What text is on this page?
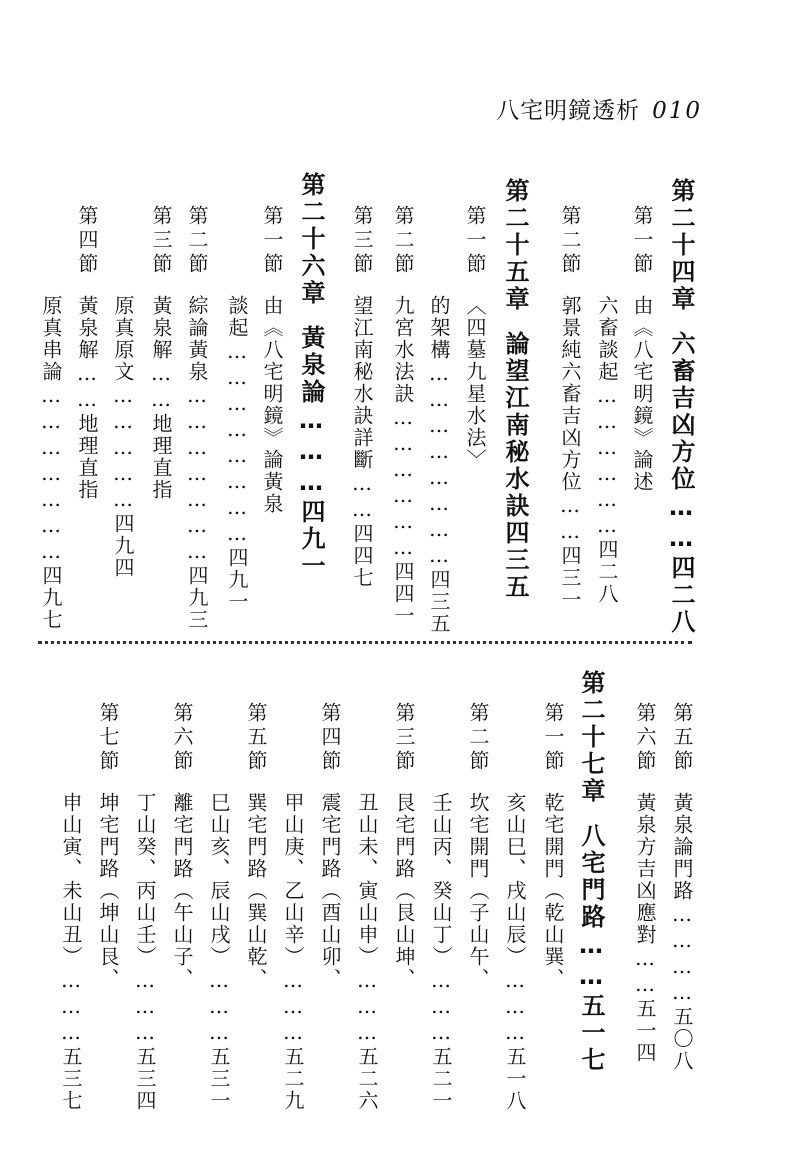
八宅明鏡透析 010
第二十四章六畜吉凶方位……四二八
第一節
由《八宅明鏡》論述
六畜談起………………四二八
第二節
郭景純六畜吉凶方位……四三一
第二十五章論望江南秘水訣四三五
第一節
〈四墓九星水法〉
的架構……………………四三五
第二節
九宮水法訣………………四四一
第三節
望江南秘水訣詳斷……四四七
第二十六章黃泉論………四九一
第一節
由《八宅明鏡》論黃泉
談起……………………四九一
第二節
綜論黃泉…………………四九三
第三節
黃泉解……地理直指
原真原文……………四九四
第四節
黃泉解……地理直指
原真串論…………………四九七
第五節
黃泉論門路…………五〇八
第六節
黃泉方吉凶應對……五一四
第二十七章八宅門路……五一七
第一節
乾宅開門（乾山巽、
亥山巳、戌山辰）………五一八
第二節
坎宅開門（子山午、
壬山丙、癸山丁）………五二一
第三節
艮宅門路（艮山坤、
丑山未、寅山申）………五二六
第四節
震宅門路（酉山卯、
甲山庚、乙山辛）………五二九
第五節
巽宅門路（巽山乾、
巳山亥、辰山戌）………五三一
第六節
離宅門路（午山子、
丁山癸、丙山壬）………五三四
第七節
坤宅門路（坤山艮、
申山寅、未山丑）………五三七
